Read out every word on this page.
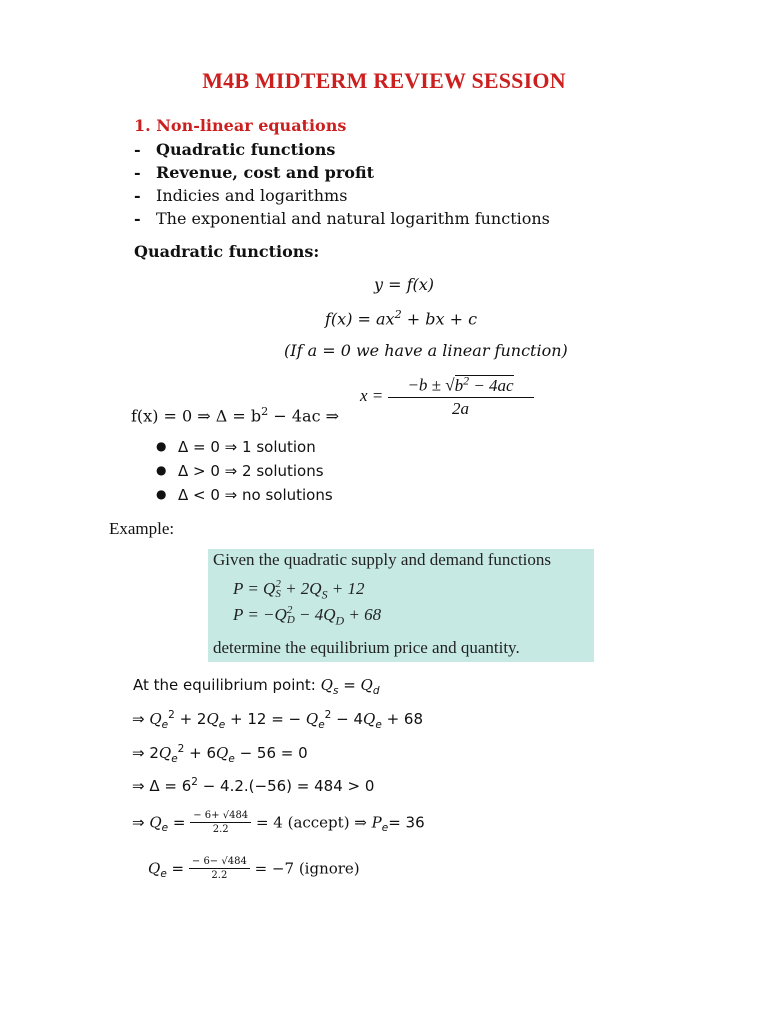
M4B MIDTERM REVIEW SESSION
1. Non-linear equations
- Quadratic functions
- Revenue, cost and profit
- Indicies and logarithms
- The exponential and natural logarithm functions
Quadratic functions:
y = f(x)
$f(x) = ax^2$ + bx + c
(If a = 0 we have a linear function)
f(x) = 0 ⇒ $\Delta = b^2 - 4ac$ ⇒
$x = \frac{-b \pm √b^2 - 4ac}{2a}$
● Δ = 0 ⇒ 1 solution
● Δ > 0 ⇒ 2 solutions
● Δ < 0 ⇒ no solutions
Example:
Given the quadratic supply and demand functions
P = Q 2
$S + 2Q_S + 12$
P = −Q 2
$D - 4Q_D + 68$
determine the equilibrium price and quantity.
At the equilibrium point: $Q_s = Q_d$
⇒ $Q_e^2 + 2Q_e + 12$ = − $Q_e^2 - 4Q_e + 68$
⇒ $2Q_e^2 + 6Q_e - 56 = 0$
⇒ $\Delta = 6^2 - 4.2.(-56) = 484 > 0$
⇒ $Q_e = \frac{- 6+ √484}{2.2} = 4$ (accept) ⇒ $P_e= 36$
$Q_e = \frac{- 6- √484}{2.2} = -7$ (ignore)
